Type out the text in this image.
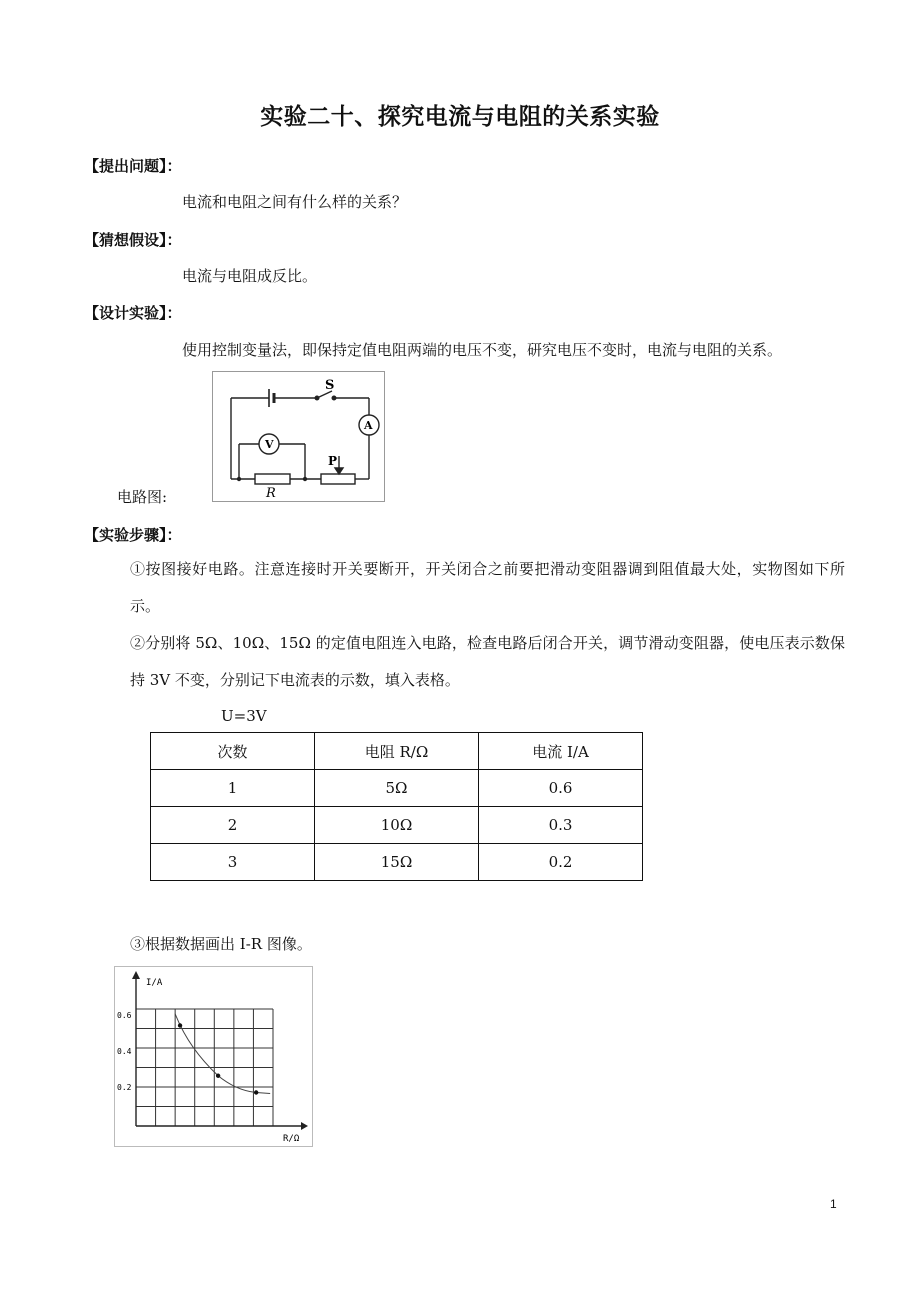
实验二十、探究电流与电阻的关系实验
【提出问题】：
电流和电阻之间有什么样的关系？
【猜想假设】：
电流与电阻成反比。
【设计实验】：
使用控制变量法，即保持定值电阻两端的电压不变，研究电压不变时，电流与电阻的关系。
电路图:
S
A
V
P
R
【实验步骤】：
①按图接好电路。注意连接时开关要断开，开关闭合之前要把滑动变阻器调到阻值最大处，实物图如下所示。
②分别将 5Ω、10Ω、15Ω 的定值电阻连入电路，检查电路后闭合开关，调节滑动变阻器，使电压表示数保持 3V 不变，分别记下电流表的示数，填入表格。
U=3V
次数	电阻 R/Ω	电流 I/A
1	5Ω	0.6
2	10Ω	0.3
3	15Ω	0.2
③根据数据画出 I-R 图像。
I/A
R/Ω
0.2
0.4
0.6
1
